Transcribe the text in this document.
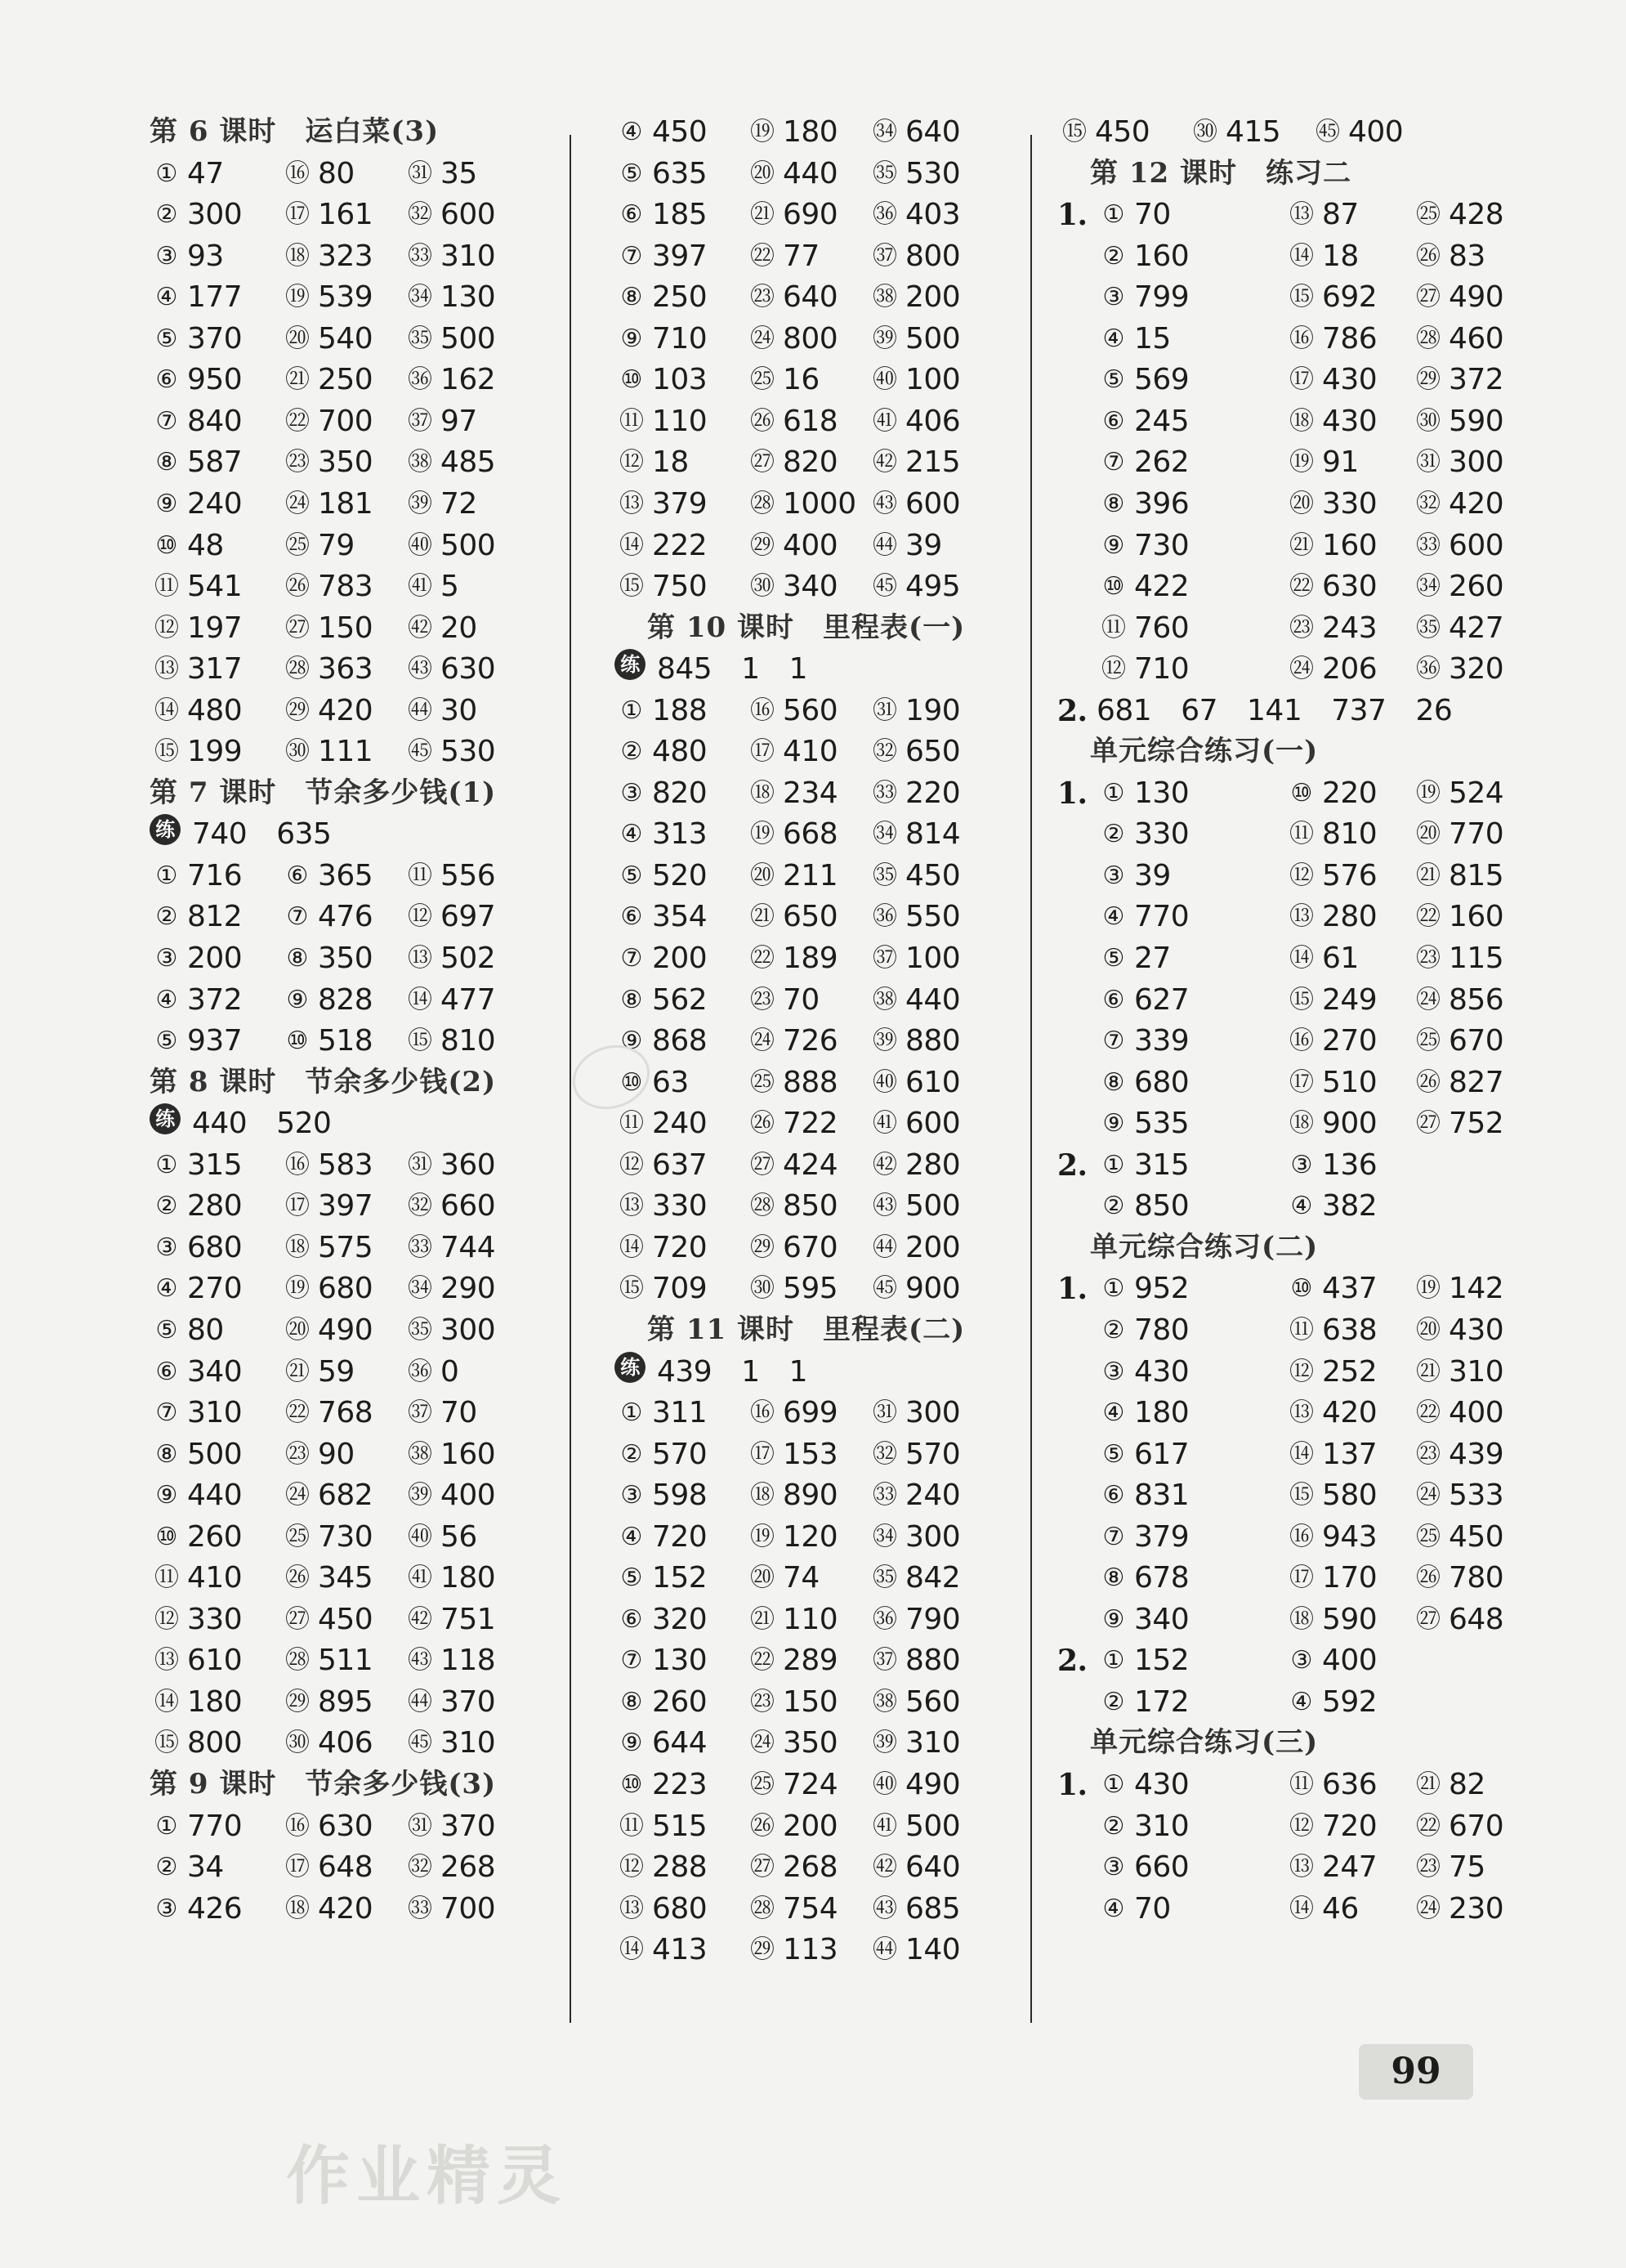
第 6 课时　运白菜(3)
① 47	⑯ 80 ㉛ 35
② 300 ⑰ 161 ㉜ 600
③ 93	⑱ 323 ㉝ 310
④ 177 ⑲ 539 ㉞ 130
⑤ 370 ⑳ 540 ㉟ 500
⑥ 950 ㉑ 250 ㊱ 162
⑦ 840 ㉒ 700 ㊲ 97
⑧ 587 ㉓ 350 ㊳ 485
⑨ 240 ㉔ 181 ㊴ 72
⑩ 48	㉕ 79 ㊵ 500
⑪ 541 ㉖ 783 ㊶ 5
⑫ 197 ㉗ 150 ㊷ 20
⑬ 317 ㉘ 363 ㊸ 630
⑭ 480 ㉙ 420 ㊹ 30
⑮ 199 ㉚ 111 ㊺ 530
第 7 课时　节余多少钱(1)
练 740 635
① 716 ⑥ 365 ⑪ 556
② 812 ⑦ 476 ⑫ 697
③ 200 ⑧ 350 ⑬ 502
④ 372 ⑨ 828 ⑭ 477
⑤ 937 ⑩ 518 ⑮ 810
第 8 课时　节余多少钱(2)
练 440 520
① 315 ⑯ 583 ㉛ 360
② 280 ⑰ 397 ㉜ 660
③ 680 ⑱ 575 ㉝ 744
④ 270 ⑲ 680 ㉞ 290
⑤ 80	⑳ 490 ㉟ 300
⑥ 340 ㉑ 59 ㊱ 0
⑦ 310 ㉒ 768 ㊲ 70
⑧ 500 ㉓ 90 ㊳ 160
⑨ 440 ㉔ 682 ㊴ 400
⑩ 260 ㉕ 730 ㊵ 56
⑪ 410 ㉖ 345 ㊶ 180
⑫ 330 ㉗ 450 ㊷ 751
⑬ 610 ㉘ 511 ㊸ 118
⑭ 180 ㉙ 895 ㊹ 370
⑮ 800 ㉚ 406 ㊺ 310
第 9 课时　节余多少钱(3)
① 770 ⑯ 630 ㉛ 370
② 34	⑰ 648 ㉜ 268
③ 426 ⑱ 420 ㉝ 700
④ 450 ⑲ 180 ㉞ 640
⑤ 635 ⑳ 440 ㉟ 530
⑥ 185 ㉑ 690 ㊱ 403
⑦ 397 ㉒ 77 ㊲ 800
⑧ 250 ㉓ 640 ㊳ 200
⑨ 710 ㉔ 800 ㊴ 500
⑩ 103 ㉕ 16 ㊵ 100
⑪ 110 ㉖ 618 ㊶ 406
⑫ 18	㉗ 820 ㊷ 215
⑬ 379 ㉘ 1000 ㊸ 600
⑭ 222 ㉙ 400 ㊹ 39
⑮ 750 ㉚ 340 ㊺ 495
第 10 课时　里程表(一)
练 845 1 1
① 188 ⑯ 560 ㉛ 190
② 480 ⑰ 410 ㉜ 650
③ 820 ⑱ 234 ㉝ 220
④ 313 ⑲ 668 ㉞ 814
⑤ 520 ⑳ 211 ㉟ 450
⑥ 354 ㉑ 650 ㊱ 550
⑦ 200 ㉒ 189 ㊲ 100
⑧ 562 ㉓ 70 ㊳ 440
⑨ 868 ㉔ 726 ㊴ 880
⑩ 63	㉕ 888 ㊵ 610
⑪ 240 ㉖ 722 ㊶ 600
⑫ 637 ㉗ 424 ㊷ 280
⑬ 330 ㉘ 850 ㊸ 500
⑭ 720 ㉙ 670 ㊹ 200
⑮ 709 ㉚ 595 ㊺ 900
第 11 课时　里程表(二)
练 439 1 1
① 311 ⑯ 699 ㉛ 300
② 570 ⑰ 153 ㉜ 570
③ 598 ⑱ 890 ㉝ 240
④ 720 ⑲ 120 ㉞ 300
⑤ 152 ⑳ 74 ㉟ 842
⑥ 320 ㉑ 110 ㊱ 790
⑦ 130 ㉒ 289 ㊲ 880
⑧ 260 ㉓ 150 ㊳ 560
⑨ 644 ㉔ 350 ㊴ 310
⑩ 223 ㉕ 724 ㊵ 490
⑪ 515 ㉖ 200 ㊶ 500
⑫ 288 ㉗ 268 ㊷ 640
⑬ 680 ㉘ 754 ㊸ 685
⑭ 413 ㉙ 113 ㊹ 140
⑮ 450 ㉚ 415 ㊺ 400
第 12 课时　练习二
1. ① 70	⑬ 87 ㉕ 428
② 160	⑭ 18 ㉖ 83
③ 799	⑮ 692 ㉗ 490
④ 15	⑯ 786 ㉘ 460
⑤ 569	⑰ 430 ㉙ 372
⑥ 245	⑱ 430 ㉚ 590
⑦ 262	⑲ 91 ㉛ 300
⑧ 396	⑳ 330 ㉜ 420
⑨ 730	㉑ 160 ㉝ 600
⑩ 422	㉒ 630 ㉞ 260
⑪ 760	㉓ 243 ㉟ 427
⑫ 710	㉔ 206 ㊱ 320
2. 681 67 141 737 26
单元综合练习(一)
1. ① 130	⑩ 220 ⑲ 524
② 330	⑪ 810 ⑳ 770
③ 39	⑫ 576 ㉑ 815
④ 770	⑬ 280 ㉒ 160
⑤ 27	⑭ 61 ㉓ 115
⑥ 627	⑮ 249 ㉔ 856
⑦ 339	⑯ 270 ㉕ 670
⑧ 680	⑰ 510 ㉖ 827
⑨ 535	⑱ 900 ㉗ 752
2. ① 315	③ 136
② 850	④ 382
单元综合练习(二)
1. ① 952	⑩ 437 ⑲ 142
② 780	⑪ 638 ⑳ 430
③ 430	⑫ 252 ㉑ 310
④ 180	⑬ 420 ㉒ 400
⑤ 617	⑭ 137 ㉓ 439
⑥ 831	⑮ 580 ㉔ 533
⑦ 379	⑯ 943 ㉕ 450
⑧ 678	⑰ 170 ㉖ 780
⑨ 340	⑱ 590 ㉗ 648
2. ① 152	③ 400
② 172	④ 592
单元综合练习(三)
1. ① 430	⑪ 636 ㉑ 82
② 310	⑫ 720 ㉒ 670
③ 660	⑬ 247 ㉓ 75
④ 70	⑭ 46 ㉔ 230
99
作业精灵
